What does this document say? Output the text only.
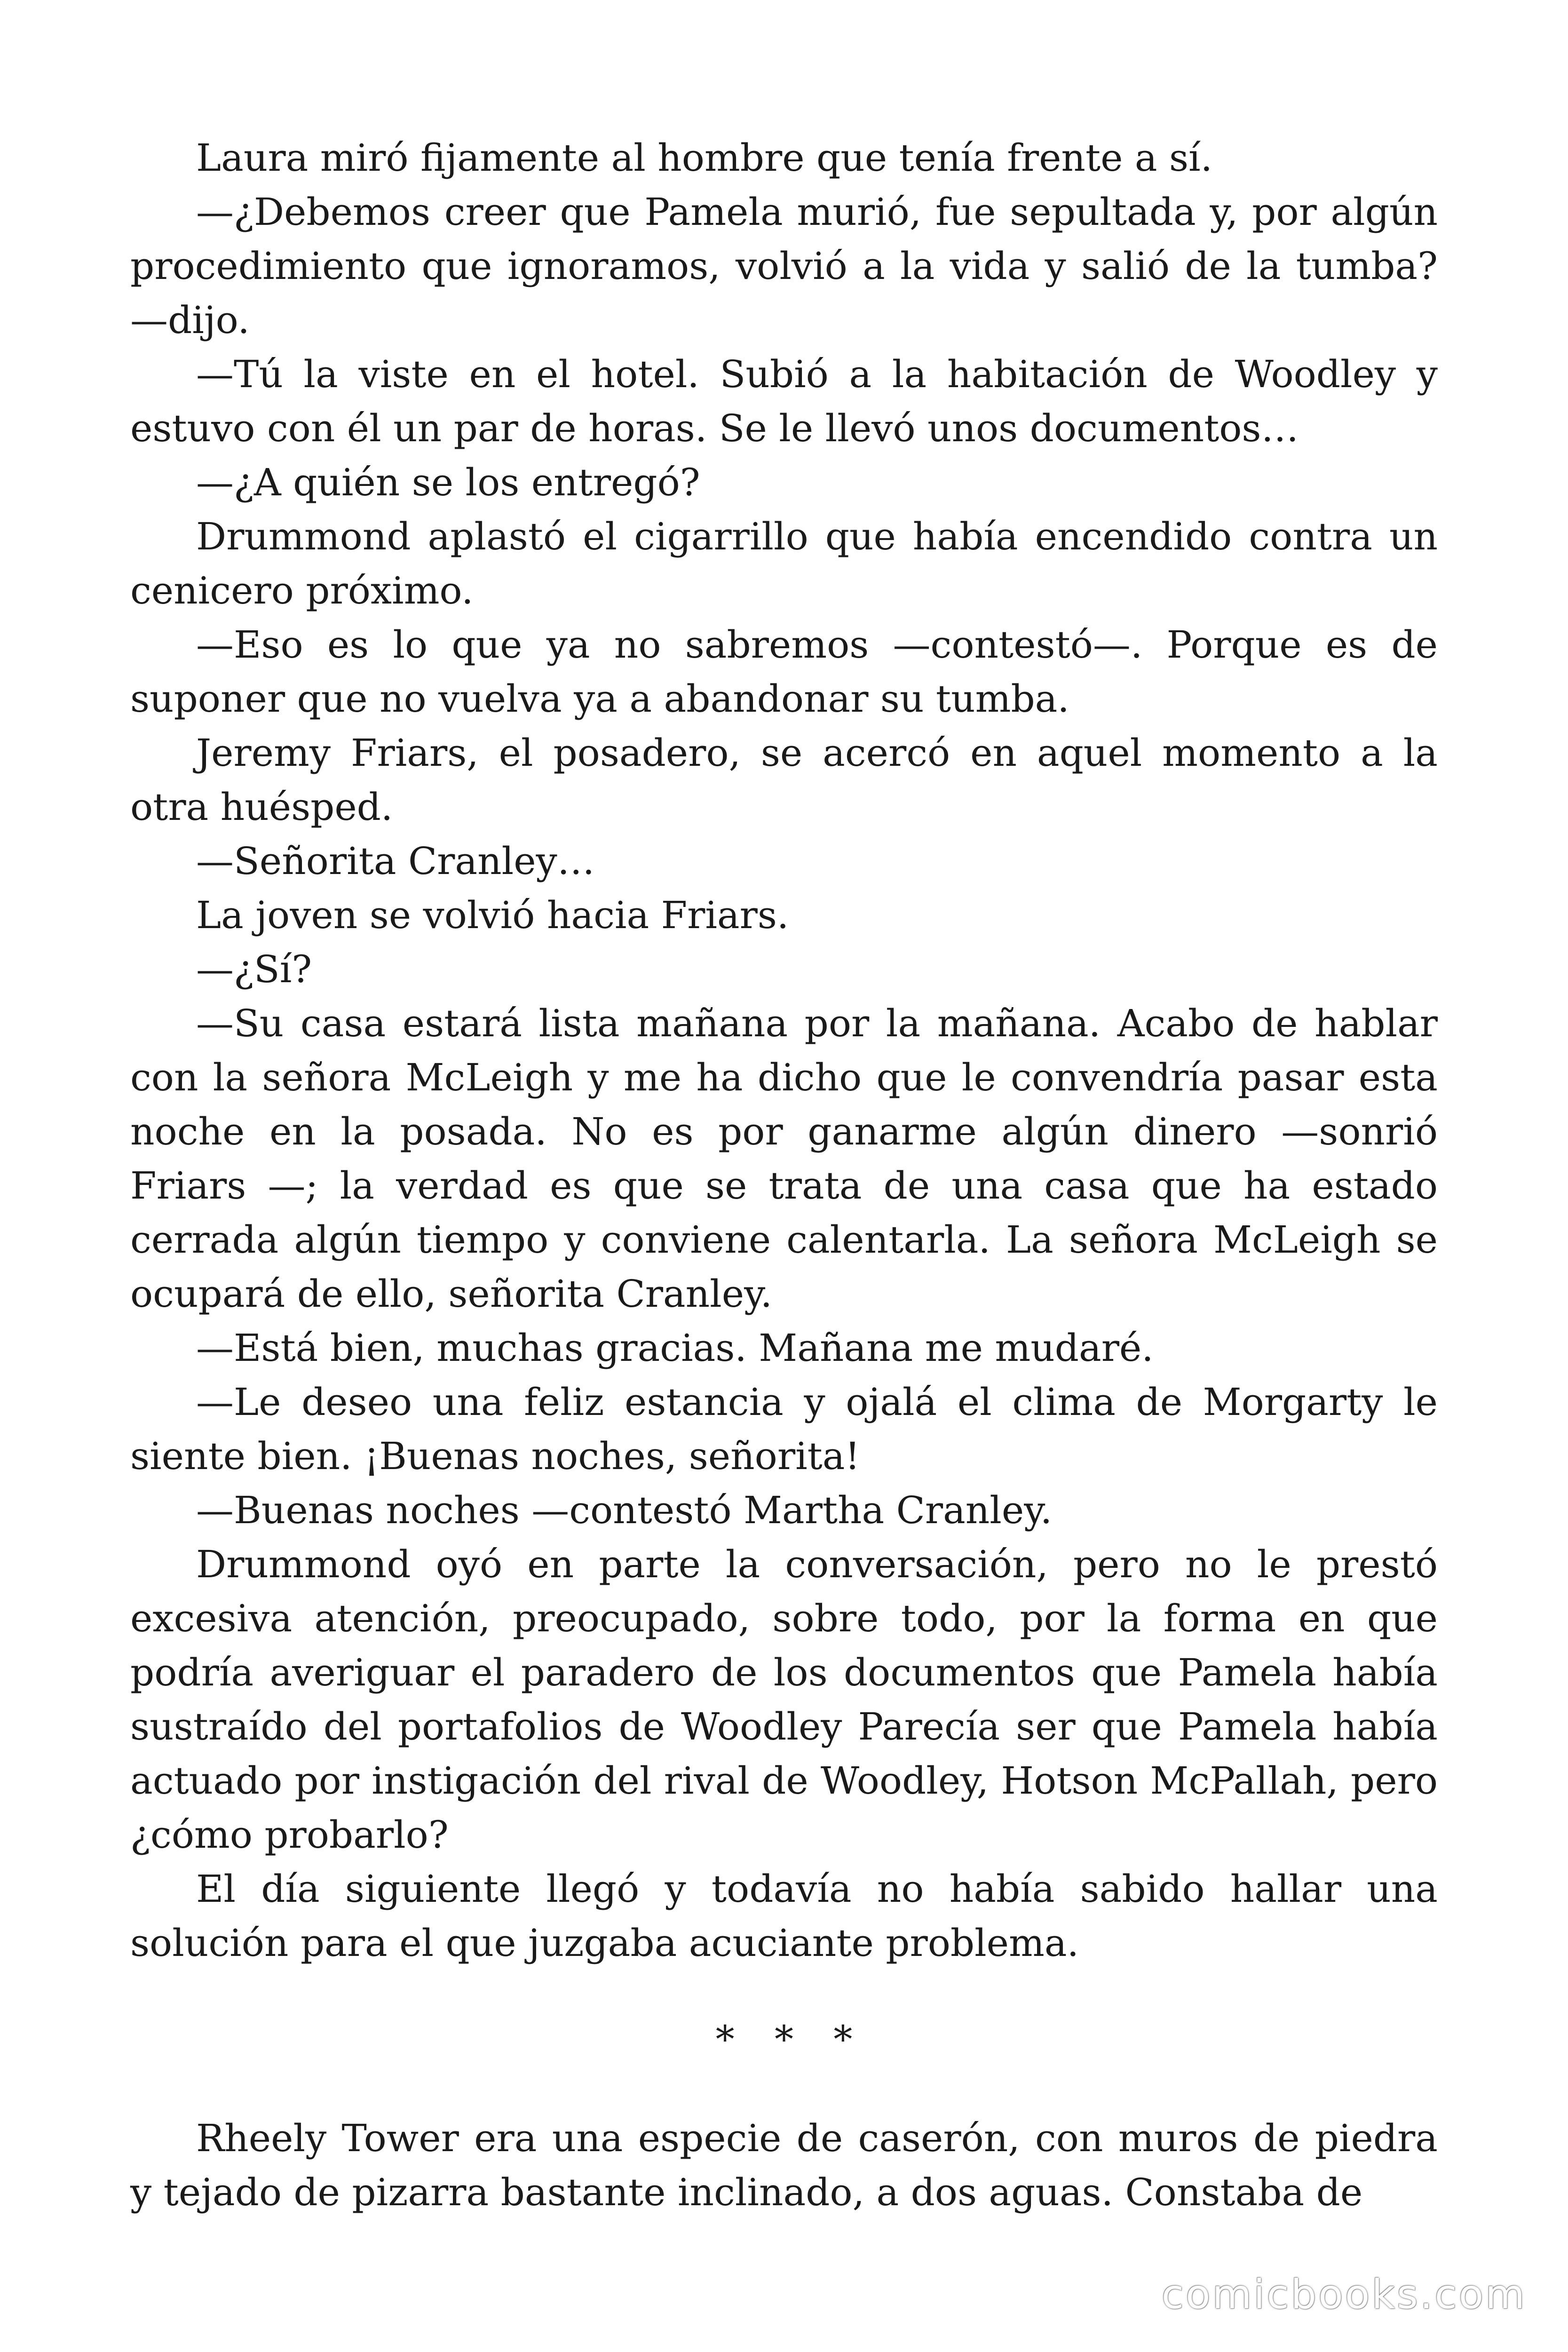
Laura miró fijamente al hombre que tenía frente a sí.

—¿Debemos creer que Pamela murió, fue sepultada y, por algún procedimiento que ignoramos, volvió a la vida y salió de la tumba? —dijo.

—Tú la viste en el hotel. Subió a la habitación de Woodley y estuvo con él un par de horas. Se le llevó unos documentos…

—¿A quién se los entregó?

Drummond aplastó el cigarrillo que había encendido contra un cenicero próximo.

—Eso es lo que ya no sabremos —contestó—. Porque es de suponer que no vuelva ya a abandonar su tumba.

Jeremy Friars, el posadero, se acercó en aquel momento a la otra huésped.

—Señorita Cranley…

La joven se volvió hacia Friars.

—¿Sí?

—Su casa estará lista mañana por la mañana. Acabo de hablar con la señora McLeigh y me ha dicho que le convendría pasar esta noche en la posada. No es por ganarme algún dinero —sonrió Friars —; la verdad es que se trata de una casa que ha estado cerrada algún tiempo y conviene calentarla. La señora McLeigh se ocupará de ello, señorita Cranley.

—Está bien, muchas gracias. Mañana me mudaré.

—Le deseo una feliz estancia y ojalá el clima de Morgarty le siente bien. ¡Buenas noches, señorita!

—Buenas noches —contestó Martha Cranley.

Drummond oyó en parte la conversación, pero no le prestó excesiva atención, preocupado, sobre todo, por la forma en que podría averiguar el paradero de los documentos que Pamela había sustraído del portafolios de Woodley Parecía ser que Pamela había actuado por instigación del rival de Woodley, Hotson McPallah, pero ¿cómo probarlo?

El día siguiente llegó y todavía no había sabido hallar una solución para el que juzgaba acuciante problema.

* * *

Rheely Tower era una especie de caserón, con muros de piedra y tejado de pizarra bastante inclinado, a dos aguas. Constaba de

comicbooks.com
